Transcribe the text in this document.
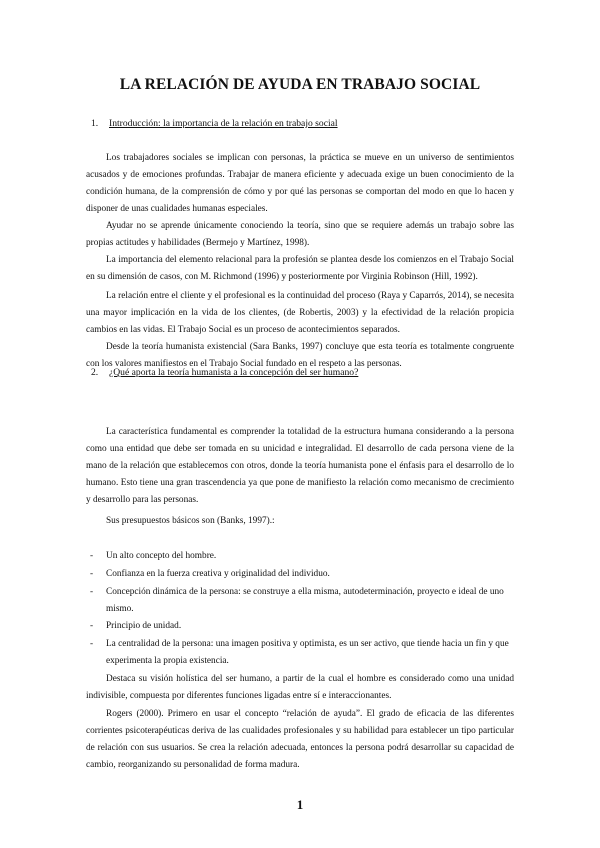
LA RELACIÓN DE AYUDA EN TRABAJO SOCIAL
1. Introducción: la importancia de la relación en trabajo social
Los trabajadores sociales se implican con personas, la práctica se mueve en un universo de sentimientos acusados y de emociones profundas. Trabajar de manera eficiente y adecuada exige un buen conocimiento de la condición humana, de la comprensión de cómo y por qué las personas se comportan del modo en que lo hacen y disponer de unas cualidades humanas especiales.
Ayudar no se aprende únicamente conociendo la teoría, sino que se requiere además un trabajo sobre las propias actitudes y habilidades (Bermejo y Martínez, 1998).
La importancia del elemento relacional para la profesión se plantea desde los comienzos en el Trabajo Social en su dimensión de casos, con M. Richmond (1996) y posteriormente por Virginia Robinson (Hill, 1992).
La relación entre el cliente y el profesional es la continuidad del proceso (Raya y Caparrós, 2014), se necesita una mayor implicación en la vida de los clientes, (de Robertis, 2003) y la efectividad de la relación propicia cambios en las vidas. El Trabajo Social es un proceso de acontecimientos separados.
Desde la teoría humanista existencial (Sara Banks, 1997) concluye que esta teoría es totalmente congruente con los valores manifiestos en el Trabajo Social fundado en el respeto a las personas.
2. ¿Qué aporta la teoría humanista a la concepción del ser humano?
La característica fundamental es comprender la totalidad de la estructura humana considerando a la persona como una entidad que debe ser tomada en su unicidad e integralidad. El desarrollo de cada persona viene de la mano de la relación que establecemos con otros, donde la teoría humanista pone el énfasis para el desarrollo de lo humano. Esto tiene una gran trascendencia ya que pone de manifiesto la relación como mecanismo de crecimiento y desarrollo para las personas.
Sus presupuestos básicos son (Banks, 1997).:
- Un alto concepto del hombre.
- Confianza en la fuerza creativa y originalidad del individuo.
- Concepción dinámica de la persona: se construye a ella misma, autodeterminación, proyecto e ideal de uno mismo.
- Principio de unidad.
- La centralidad de la persona: una imagen positiva y optimista, es un ser activo, que tiende hacia un fin y que experimenta la propia existencia.
Destaca su visión holística del ser humano, a partir de la cual el hombre es considerado como una unidad indivisible, compuesta por diferentes funciones ligadas entre sí e interaccionantes.
Rogers (2000). Primero en usar el concepto “relación de ayuda”. El grado de eficacia de las diferentes corrientes psicoterapéuticas deriva de las cualidades profesionales y su habilidad para establecer un tipo particular de relación con sus usuarios. Se crea la relación adecuada, entonces la persona podrá desarrollar su capacidad de cambio, reorganizando su personalidad de forma madura.
1
